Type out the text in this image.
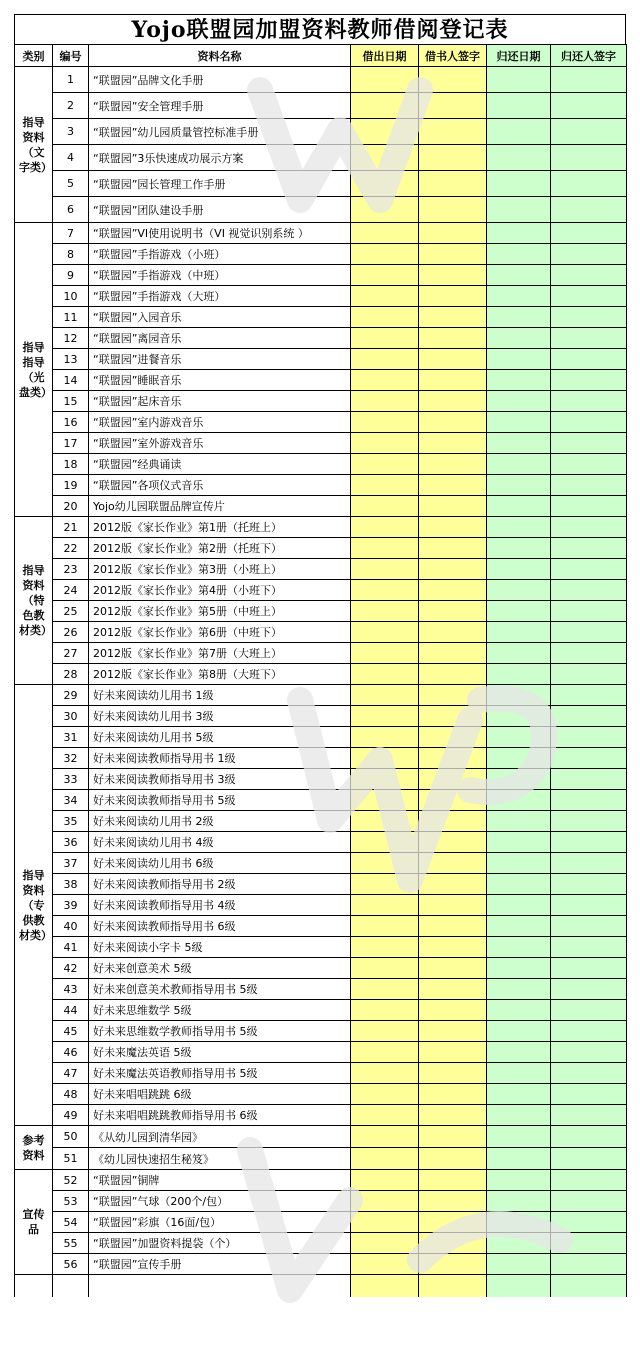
Yojo联盟园加盟资料教师借阅登记表
类别	编号	资料名称	借出日期	借书人签字	归还日期	归还人签字
指导资料（文字类）	1	“联盟园”品牌文化手册				
	2	“联盟园”安全管理手册				
	3	“联盟园”幼儿园质量管控标准手册				
	4	“联盟园”3乐快速成功展示方案				
	5	“联盟园”园长管理工作手册				
	6	“联盟园”团队建设手册				
指导指导（光盘类）	7	“联盟园”VI使用说明书（VI 视觉识别系统 ）				
	8	“联盟园”手指游戏（小班）				
	9	“联盟园”手指游戏（中班）				
	10	“联盟园”手指游戏（大班）				
	11	“联盟园”入园音乐				
	12	“联盟园”离园音乐				
	13	“联盟园”进餐音乐				
	14	“联盟园”睡眠音乐				
	15	“联盟园”起床音乐				
	16	“联盟园”室内游戏音乐				
	17	“联盟园”室外游戏音乐				
	18	“联盟园”经典诵读				
	19	“联盟园”各项仪式音乐				
	20	Yojo幼儿园联盟品牌宣传片				
指导资料（特色教材类）	21	2012版《家长作业》第1册（托班上）				
	22	2012版《家长作业》第2册（托班下）				
	23	2012版《家长作业》第3册（小班上）				
	24	2012版《家长作业》第4册（小班下）				
	25	2012版《家长作业》第5册（中班上）				
	26	2012版《家长作业》第6册（中班下）				
	27	2012版《家长作业》第7册（大班上）				
	28	2012版《家长作业》第8册（大班下）				
指导资料（专供教材类）	29	好未来阅读幼儿用书 1级				
	30	好未来阅读幼儿用书 3级				
	31	好未来阅读幼儿用书 5级				
	32	好未来阅读教师指导用书 1级				
	33	好未来阅读教师指导用书 3级				
	34	好未来阅读教师指导用书 5级				
	35	好未来阅读幼儿用书 2级				
	36	好未来阅读幼儿用书 4级				
	37	好未来阅读幼儿用书 6级				
	38	好未来阅读教师指导用书 2级				
	39	好未来阅读教师指导用书 4级				
	40	好未来阅读教师指导用书 6级				
	41	好未来阅读小字卡 5级				
	42	好未来创意美术 5级				
	43	好未来创意美术教师指导用书 5级				
	44	好未来思维数学 5级				
	45	好未来思维数学教师指导用书 5级				
	46	好未来魔法英语 5级				
	47	好未来魔法英语教师指导用书 5级				
	48	好未来唱唱跳跳 6级				
	49	好未来唱唱跳跳教师指导用书 6级				
参考资料	50	《从幼儿园到清华园》				
	51	《幼儿园快速招生秘笈》				
宣传品	52	“联盟园”铜牌				
	53	“联盟园”气球（200个/包）				
	54	“联盟园”彩旗（16面/包）				
	55	“联盟园”加盟资料提袋（个）				
	56	“联盟园”宣传手册				
